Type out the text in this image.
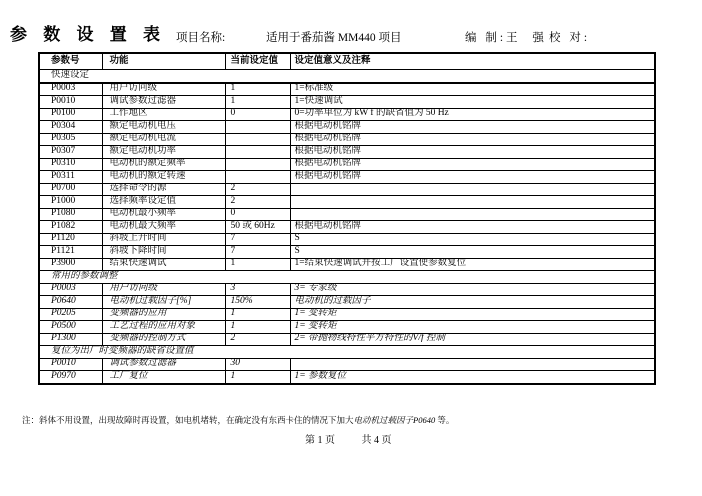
参 数 设 置 表 项目名称:	适用于番茄酱 MM440 项目	编 制: 王 强 校 对:
参数号	功能	当前设定值	设定值意义及注释
快速设定			
P0003	用户访问级	1	1=标准级
P0010	调试参数过滤器	1	1=快速调试
P0100	工作地区	0	0=功率单位为 kW f 的缺省值为 50 Hz
P0304	额定电动机电压		根据电动机铭牌
P0305	额定电动机电流		根据电动机铭牌
P0307	额定电动机功率		根据电动机铭牌
P0310	电动机的额定频率		根据电动机铭牌
P0311	电动机的额定转速		根据电动机铭牌
P0700	选择命令的源	2	
P1000	选择频率设定值	2	
P1080	电动机最小频率	0	
P1082	电动机最大频率	50 或 60Hz	根据电动机铭牌
P1120	斜坡上升时间	7	S
P1121	斜坡下降时间	7	S
P3900	结束快速调试	1	1=结束快速调试并按工厂设置使参数复位
常用的参数调整			
P0003	用户访问级	3	3= 专家级
P0640	电动机过载因子[%]	150%	电动机的过载因子
P0205	变频器的应用	1	1= 变转矩
P0500	工艺过程的应用对象	1	1= 变转矩
P1300	变频器的控制方式	2	2= 带抛物线特性平方特性的V/f 控制
复位为出厂时变频器的缺省设置值			
P0010	调试参数过滤器	30	
P0970	工厂复位	1	1= 参数复位
注：斜体不用设置，出现故障时再设置，如电机堵转，在确定没有东西卡住的情况下加大电动机过载因子P0640 等。
第 1 页	共 4 页
